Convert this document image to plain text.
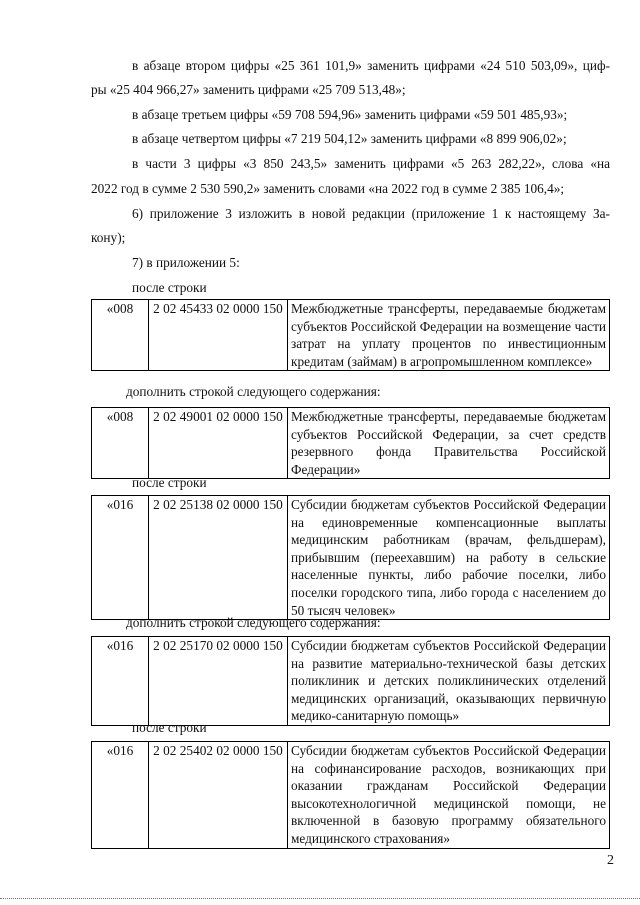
в абзаце втором цифры «25 361 101,9» заменить цифрами «24 510 503,09», циф-
ры «25 404 966,27» заменить цифрами «25 709 513,48»;
в абзаце третьем цифры «59 708 594,96» заменить цифрами «59 501 485,93»;
в абзаце четвертом цифры «7 219 504,12» заменить цифрами «8 899 906,02»;
в части 3 цифры «3 850 243,5» заменить цифрами «5 263 282,22», слова «на
2022 год в сумме 2 530 590,2» заменить словами «на 2022 год в сумме 2 385 106,4»;
6) приложение 3 изложить в новой редакции (приложение 1 к настоящему За-
кону);
7) в приложении 5:
после строки
«008	2 02 45433 02 0000 150	Межбюджетные трансферты, передаваемые бюджетам субъектов Российской Федерации на возмещение части затрат на уплату процентов по инвестиционным кредитам (займам) в агропромышленном комплексе»
дополнить строкой следующего содержания:
«008	2 02 49001 02 0000 150	Межбюджетные трансферты, передаваемые бюджетам субъектов Российской Федерации, за счет средств резервного фонда Правительства Российской Федерации»
после строки
«016	2 02 25138 02 0000 150	Субсидии бюджетам субъектов Российской Федерации на единовременные компенсационные выплаты медицинским работникам (врачам, фельдшерам), прибывшим (переехавшим) на работу в сельские населенные пункты, либо рабочие поселки, либо поселки городского типа, либо города с населением до 50 тысяч человек»
дополнить строкой следующего содержания:
«016	2 02 25170 02 0000 150	Субсидии бюджетам субъектов Российской Федерации на развитие материально-технической базы детских поликлиник и детских поликлинических отделений медицинских организаций, оказывающих первичную медико-санитарную помощь»
после строки
«016	2 02 25402 02 0000 150	Субсидии бюджетам субъектов Российской Федерации на софинансирование расходов, возникающих при оказании гражданам Российской Федерации высокотехнологичной медицинской помощи, не включенной в базовую программу обязательного медицинского страхования»
2
